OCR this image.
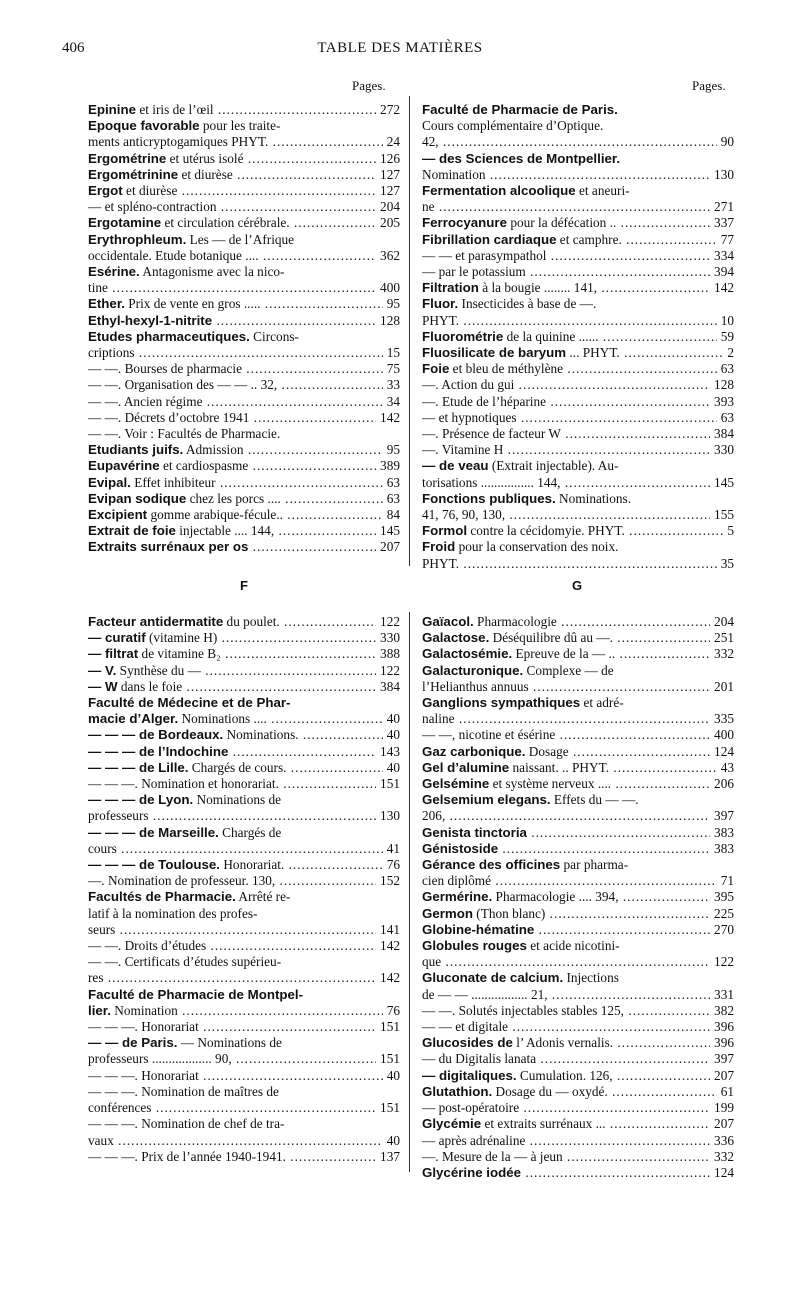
406	TABLE DES MATIÈRES
Pages.	Pages.
F	G
Epinine et iris de l’œil .....	272
Epoque favorable pour les traite-
ments anticryptogamiques PHYT. .....	24
Ergométrine et utérus isolé .....	126
Ergométrinine et diurèse .....	127
Ergot et diurèse .....	127
— et spléno-contraction .....	204
Ergotamine et circulation cérébrale. .....	205
Erythrophleum. Les — de l’Afrique
occidentale. Etude botanique .... .....	362
Esérine. Antagonisme avec la nico-
tine .....	400
Ether. Prix de vente en gros ..... .....	95
Ethyl-hexyl-1-nitrite .....	128
Etudes pharmaceutiques. Circons-
criptions .....	15
— —. Bourses de pharmacie .....	75
— —. Organisation des — — .. 32, .....	33
— —. Ancien régime .....	34
— —. Décrets d’octobre 1941 .....	142
— —. Voir : Facultés de Pharmacie.
Etudiants juifs. Admission .....	95
Eupavérine et cardiospasme .....	389
Evipal. Effet inhibiteur .....	63
Evipan sodique chez les porcs .... .....	63
Excipient gomme arabique-fécule.. .....	84
Extrait de foie injectable .... 144, .....	145
Extraits surrénaux per os .....	207
Faculté de Pharmacie de Paris.
Cours complémentaire d’Optique.
42, .....	90
— des Sciences de Montpellier.
Nomination .....	130
Fermentation alcoolique et aneuri-
ne .....	271
Ferrocyanure pour la défécation .. .....	337
Fibrillation cardiaque et camphre. .....	77
— — et parasympathol .....	334
— par le potassium .....	394
Filtration à la bougie ........ 141, .....	142
Fluor. Insecticides à base de —.
PHYT. .....	10
Fluorométrie de la quinine ...... .....	59
Fluosilicate de baryum ... PHYT. .....	2
Foie et bleu de méthylène .....	63
—. Action du gui .....	128
—. Etude de l’héparine .....	393
— et hypnotiques .....	63
—. Présence de facteur W .....	384
—. Vitamine H .....	330
— de veau (Extrait injectable). Au-
torisations ................ 144, .....	145
Fonctions publiques. Nominations.
41, 76, 90, 130, .....	155
Formol contre la cécidomyie. PHYT. .....	5
Froid pour la conservation des noix.
PHYT. .....	35
Facteur antidermatite du poulet. .....	122
— curatif (vitamine H) .....	330
— filtrat de vitamine B₂ .....	388
— V. Synthèse du — .....	122
— W dans le foie .....	384
Faculté de Médecine et de Phar-
macie d’Alger. Nominations .... .....	40
— — — de Bordeaux. Nominations. .....	40
— — — de l’Indochine .....	143
— — — de Lille. Chargés de cours. .....	40
— — —. Nomination et honorariat. .....	151
— — — de Lyon. Nominations de
professeurs .....	130
— — — de Marseille. Chargés de
cours .....	41
— — — de Toulouse. Honorariat. .....	76
—. Nomination de professeur. 130, .....	152
Facultés de Pharmacie. Arrêté re-
latif à la nomination des profes-
seurs .....	141
— —. Droits d’études .....	142
— —. Certificats d’études supérieu-
res .....	142
Faculté de Pharmacie de Montpel-
lier. Nomination .....	76
— — —. Honorariat .....	151
— — de Paris. — Nominations de
professeurs .................. 90, .....	151
— — —. Honorariat .....	40
— — —. Nomination de maîtres de
conférences .....	151
— — —. Nomination de chef de tra-
vaux .....	40
— — —. Prix de l’année 1940-1941. .....	137
Gaïacol. Pharmacologie .....	204
Galactose. Déséquilibre dû au —. .....	251
Galactosémie. Epreuve de la — .. .....	332
Galacturonique. Complexe — de
l’Helianthus annuus .....	201
Ganglions sympathiques et adré-
naline .....	335
— —, nicotine et ésérine .....	400
Gaz carbonique. Dosage .....	124
Gel d’alumine naissant. .. PHYT. .....	43
Gelsémine et système nerveux .... .....	206
Gelsemium elegans. Effets du — —.
206, .....	397
Genista tinctoria .....	383
Génistoside .....	383
Gérance des officines par pharma-
cien diplômé .....	71
Germérine. Pharmacologie .... 394, .....	395
Germon (Thon blanc) .....	225
Globine-hématine .....	270
Globules rouges et acide nicotini-
que .....	122
Gluconate de calcium. Injections
de — — ................. 21, .....	331
— —. Solutés injectables stables 125, .....	382
— — et digitale .....	396
Glucosides de l’ Adonis vernalis. .....	396
— du Digitalis lanata .....	397
— digitaliques. Cumulation. 126, .....	207
Glutathion. Dosage du — oxydé. .....	61
— post-opératoire .....	199
Glycémie et extraits surrénaux ... .....	207
— après adrénaline .....	336
—. Mesure de la — à jeun .....	332
Glycérine iodée .....	124
